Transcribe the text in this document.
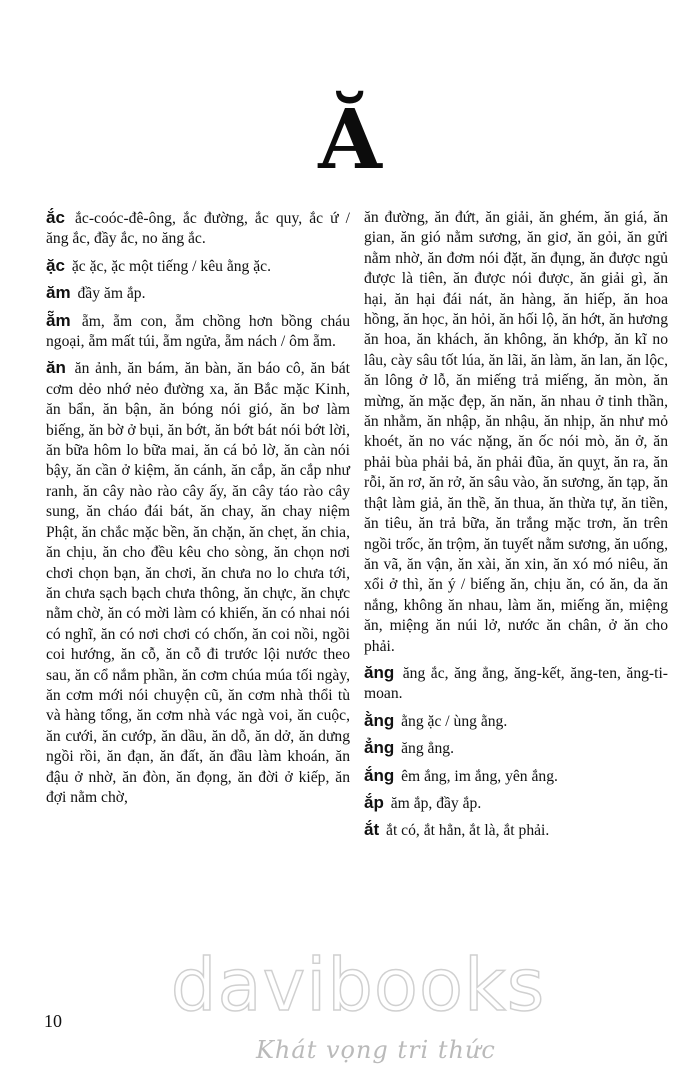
Ă

ắc ắc-coóc-đê-ông, ắc đường, ắc quy, ắc ứ / ăng ắc, đầy ắc, no ăng ắc.

ặc ặc ặc, ặc một tiếng / kêu ằng ặc.

ăm đầy ăm ắp.

ẵm ẵm, ẵm con, ẵm chồng hơn bồng cháu ngoại, ẵm mất túi, ẵm ngửa, ẵm nách / ôm ẵm.

ăn ăn ảnh, ăn bám, ăn bàn, ăn báo cô, ăn bát cơm dẻo nhớ nẻo đường xa, ăn Bắc mặc Kinh, ăn bẩn, ăn bận, ăn bóng nói gió, ăn bơ làm biếng, ăn bờ ở bụi, ăn bớt, ăn bớt bát nói bớt lời, ăn bữa hôm lo bữa mai, ăn cá bỏ lờ, ăn càn nói bậy, ăn cần ở kiệm, ăn cánh, ăn cắp, ăn cắp như ranh, ăn cây nào rào cây ấy, ăn cây táo rào cây sung, ăn cháo đái bát, ăn chay, ăn chay niệm Phật, ăn chắc mặc bền, ăn chặn, ăn chẹt, ăn chia, ăn chịu, ăn cho đều kêu cho sòng, ăn chọn nơi chơi chọn bạn, ăn chơi, ăn chưa no lo chưa tới, ăn chưa sạch bạch chưa thông, ăn chực, ăn chực nằm chờ, ăn có mời làm có khiến, ăn có nhai nói có nghĩ, ăn có nơi chơi có chốn, ăn coi nồi, ngồi coi hướng, ăn cỗ, ăn cỗ đi trước lội nước theo sau, ăn cổ nắm phần, ăn cơm chúa múa tối ngày, ăn cơm mới nói chuyện cũ, ăn cơm nhà thổi tù và hàng tổng, ăn cơm nhà vác ngà voi, ăn cuộc, ăn cưới, ăn cướp, ăn dầu, ăn dỗ, ăn dở, ăn dưng ngồi rồi, ăn đạn, ăn đất, ăn đầu làm khoán, ăn đậu ở nhờ, ăn đòn, ăn đọng, ăn đời ở kiếp, ăn đợi nằm chờ,

ăn đường, ăn đứt, ăn giải, ăn ghém, ăn giá, ăn gian, ăn gió nằm sương, ăn giơ, ăn gỏi, ăn gửi nằm nhờ, ăn đơm nói đặt, ăn đụng, ăn được ngủ được là tiên, ăn được nói được, ăn giải gì, ăn hại, ăn hại đái nát, ăn hàng, ăn hiếp, ăn hoa hồng, ăn học, ăn hỏi, ăn hối lộ, ăn hớt, ăn hương ăn hoa, ăn khách, ăn không, ăn khớp, ăn kĩ no lâu, cày sâu tốt lúa, ăn lãi, ăn làm, ăn lan, ăn lộc, ăn lông ở lỗ, ăn miếng trả miếng, ăn mòn, ăn mừng, ăn mặc đẹp, ăn năn, ăn nhau ở tinh thần, ăn nhằm, ăn nhập, ăn nhậu, ăn nhịp, ăn như mỏ khoét, ăn no vác nặng, ăn ốc nói mò, ăn ở, ăn phải bùa phải bả, ăn phải đũa, ăn quỵt, ăn ra, ăn rỗi, ăn rơ, ăn rở, ăn sâu vào, ăn sương, ăn tạp, ăn thật làm giả, ăn thề, ăn thua, ăn thừa tự, ăn tiền, ăn tiêu, ăn trả bữa, ăn trắng mặc trơn, ăn trên ngồi trốc, ăn trộm, ăn tuyết nằm sương, ăn uống, ăn vã, ăn vận, ăn xài, ăn xin, ăn xó mó niêu, ăn xổi ở thì, ăn ý / biếng ăn, chịu ăn, có ăn, da ăn nắng, không ăn nhau, làm ăn, miếng ăn, miệng ăn, miệng ăn núi lở, nước ăn chân, ở ăn cho phải.

ăng ăng ắc, ăng ẳng, ăng-kết, ăng-ten, ăng-ti-moan.

ằng ằng ặc / ùng ằng.

ẳng ăng ẳng.

ắng êm ắng, im ắng, yên ắng.

ắp ăm ắp, đầy ắp.

ắt ắt có, ắt hẳn, ắt là, ắt phải.

10	davibooks
Khát vọng tri thức
